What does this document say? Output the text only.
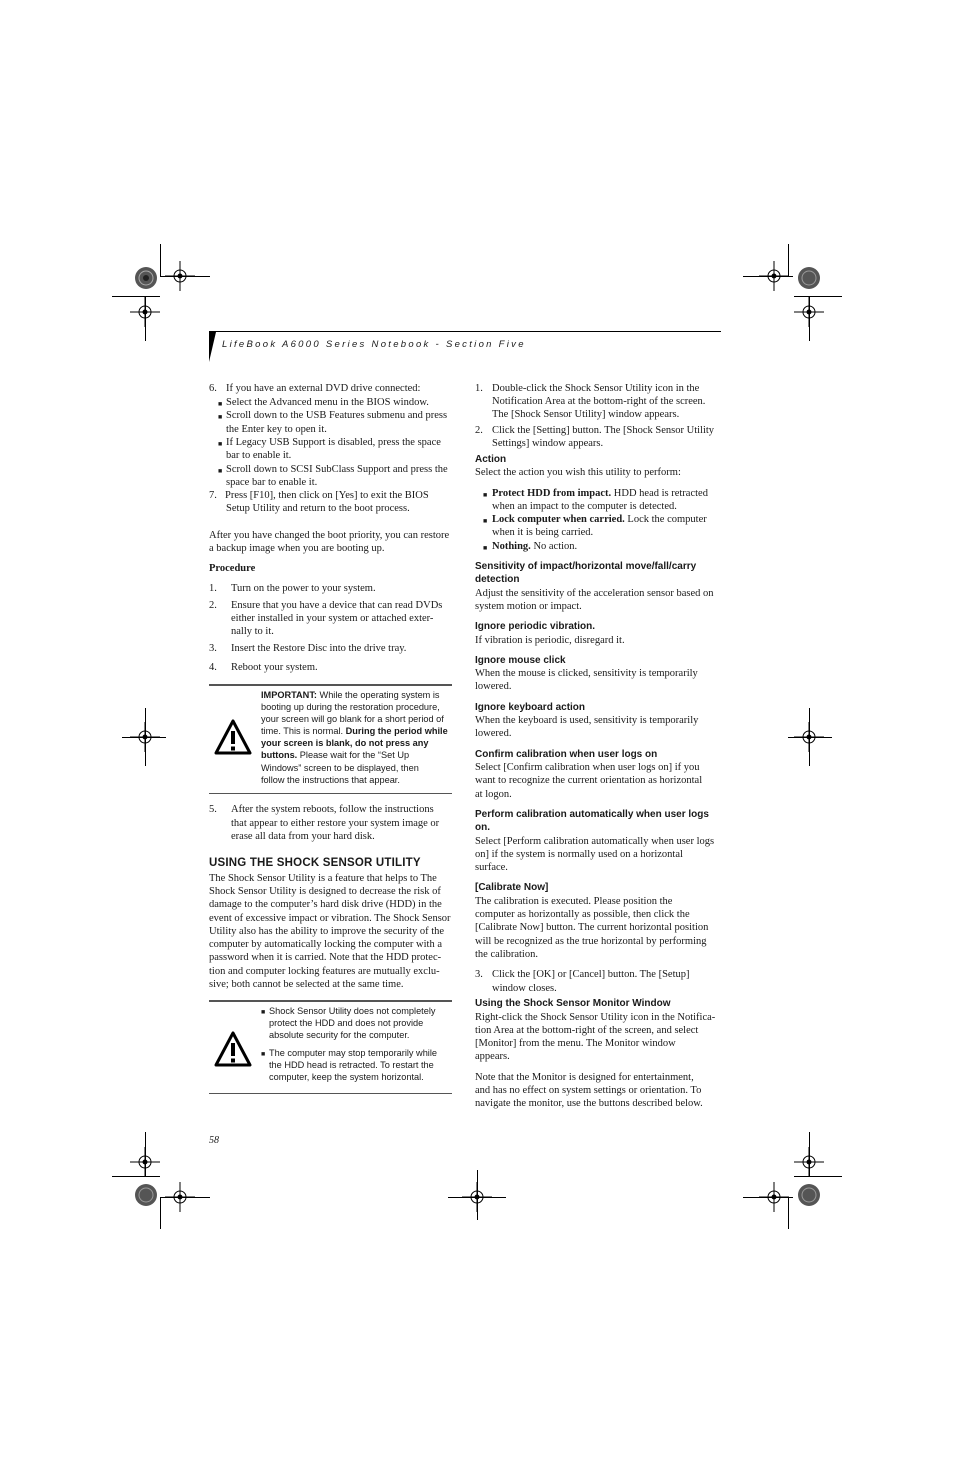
LifeBook A6000 Series Notebook - Section Five
6. If you have an external DVD drive connected:
■ Select the Advanced menu in the BIOS window.
■ Scroll down to the USB Features submenu and press
the Enter key to open it.
■ If Legacy USB Support is disabled, press the space
bar to enable it.
■ Scroll down to SCSI SubClass Support and press the
space bar to enable it.
7. Press [F10], then click on [Yes] to exit the BIOS
Setup Utility and return to the boot process.
After you have changed the boot priority, you can restore
a backup image when you are booting up.
Procedure
1. Turn on the power to your system.
2. Ensure that you have a device that can read DVDs
either installed in your system or attached exter-
nally to it.
3. Insert the Restore Disc into the drive tray.
4. Reboot your system.
IMPORTANT: While the operating system is
booting up during the restoration procedure,
your screen will go blank for a short period of
time. This is normal. During the period while
your screen is blank, do not press any
buttons. Please wait for the “Set Up
Windows” screen to be displayed, then
follow the instructions that appear.
5. After the system reboots, follow the instructions
that appear to either restore your system image or
erase all data from your hard disk.
USING THE SHOCK SENSOR UTILITY
The Shock Sensor Utility is a feature that helps to The
Shock Sensor Utility is designed to decrease the risk of
damage to the computer’s hard disk drive (HDD) in the
event of excessive impact or vibration. The Shock Sensor
Utility also has the ability to improve the security of the
computer by automatically locking the computer with a
password when it is carried. Note that the HDD protec-
tion and computer locking features are mutually exclu-
sive; both cannot be selected at the same time.
■ Shock Sensor Utility does not completely
protect the HDD and does not provide
absolute security for the computer.
■ The computer may stop temporarily while
the HDD head is retracted. To restart the
computer, keep the system horizontal.
58
1. Double-click the Shock Sensor Utility icon in the
Notification Area at the bottom-right of the screen.
The [Shock Sensor Utility] window appears.
2. Click the [Setting] button. The [Shock Sensor Utility
Settings] window appears.
Action
Select the action you wish this utility to perform:
■ Protect HDD from impact. HDD head is retracted
when an impact to the computer is detected.
■ Lock computer when carried. Lock the computer
when it is being carried.
■ Nothing. No action.
Sensitivity of impact/horizontal move/fall/carry
detection
Adjust the sensitivity of the acceleration sensor based on
system motion or impact.
Ignore periodic vibration.
If vibration is periodic, disregard it.
Ignore mouse click
When the mouse is clicked, sensitivity is temporarily
lowered.
Ignore keyboard action
When the keyboard is used, sensitivity is temporarily
lowered.
Confirm calibration when user logs on
Select [Confirm calibration when user logs on] if you
want to recognize the current orientation as horizontal
at logon.
Perform calibration automatically when user logs
on.
Select [Perform calibration automatically when user logs
on] if the system is normally used on a horizontal
surface.
[Calibrate Now]
The calibration is executed. Please position the
computer as horizontally as possible, then click the
[Calibrate Now] button. The current horizontal position
will be recognized as the true horizontal by performing
the calibration.
3. Click the [OK] or [Cancel] button. The [Setup]
window closes.
Using the Shock Sensor Monitor Window
Right-click the Shock Sensor Utility icon in the Notifica-
tion Area at the bottom-right of the screen, and select
[Monitor] from the menu. The Monitor window
appears.
Note that the Monitor is designed for entertainment,
and has no effect on system settings or orientation. To
navigate the monitor, use the buttons described below.
